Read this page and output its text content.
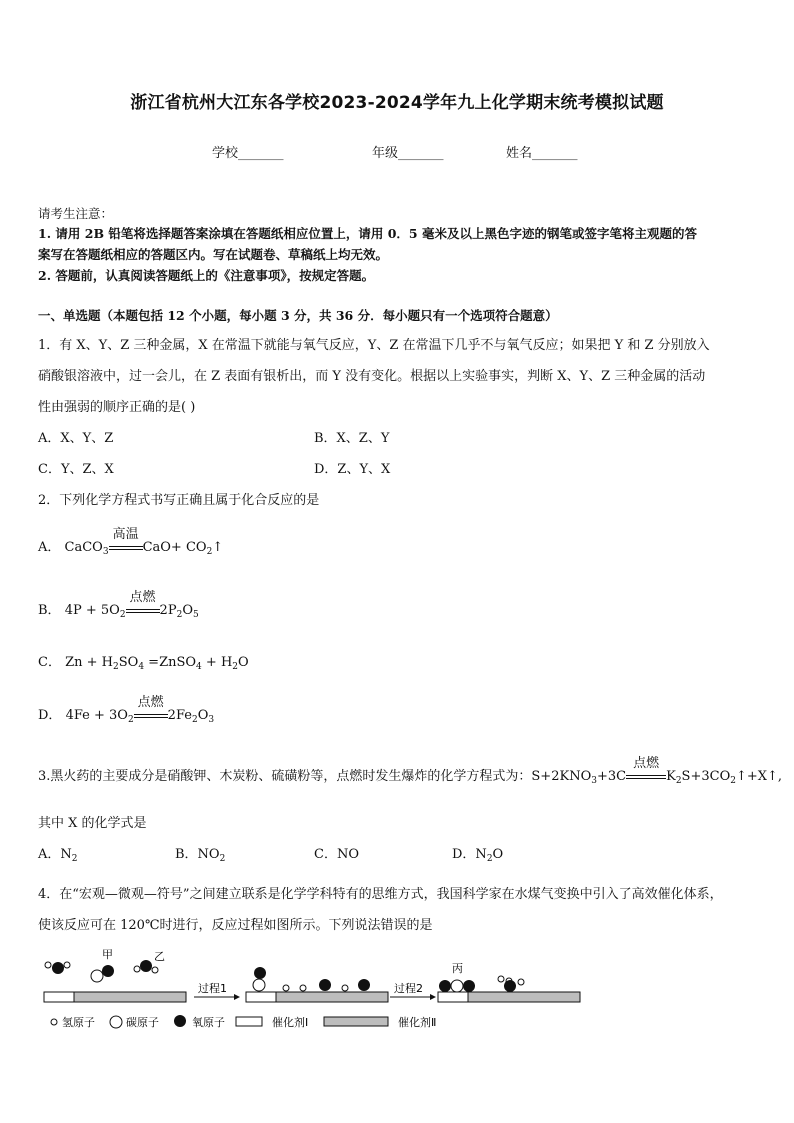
浙江省杭州大江东各学校2023-2024学年九上化学期末统考模拟试题
学校_______	年级_______	姓名_______
请考生注意：
1. 请用 2B 铅笔将选择题答案涂填在答题纸相应位置上，请用 0．5 毫米及以上黑色字迹的钢笔或签字笔将主观题的答
案写在答题纸相应的答题区内。写在试题卷、草稿纸上均无效。
2. 答题前，认真阅读答题纸上的《注意事项》，按规定答题。
一、单选题（本题包括 12 个小题，每小题 3 分，共 36 分．每小题只有一个选项符合题意）
1．有 X、Y、Z 三种金属，X 在常温下就能与氧气反应，Y、Z 在常温下几乎不与氧气反应；如果把 Y 和 Z 分别放入
硝酸银溶液中，过一会儿，在 Z 表面有银析出，而 Y 没有变化。根据以上实验事实，判断 X、Y、Z 三种金属的活动
性由强弱的顺序正确的是( )
A．X、Y、Z	B．X、Z、Y
C．Y、Z、X	D．Z、Y、X
2．下列化学方程式书写正确且属于化合反应的是
A． CaCO$_3$
高温
$CaO+ CO_2↑$
B． $4P + 5O_2$
点燃
$2P_2O_5$
C． $Zn + H_2SO_4$ =ZnSO$_4$ + $H_2O$
D． $4Fe + 3O_2$
点燃
$2Fe_2O_3$
3.黑火药的主要成分是硝酸钾、木炭粉、硫磺粉等，点燃时发生爆炸的化学方程式为：$S+2KNO_3+3C$
点燃
$K_2S+3CO_2↑+X↑$,
其中 X 的化学式是
A．$N_2$	B．$NO_2$	C．NO	D．$N_2O$
4．在“宏观—微观—符号”之间建立联系是化学学科特有的思维方式，我国科学家在水煤气变换中引入了高效催化体系，
使该反应可在 120℃时进行，反应过程如图所示。下列说法错误的是
甲	乙
过程1	过程2
丙
氢原子	碳原子	氧原子	催化剂Ⅰ	催化剂Ⅱ
